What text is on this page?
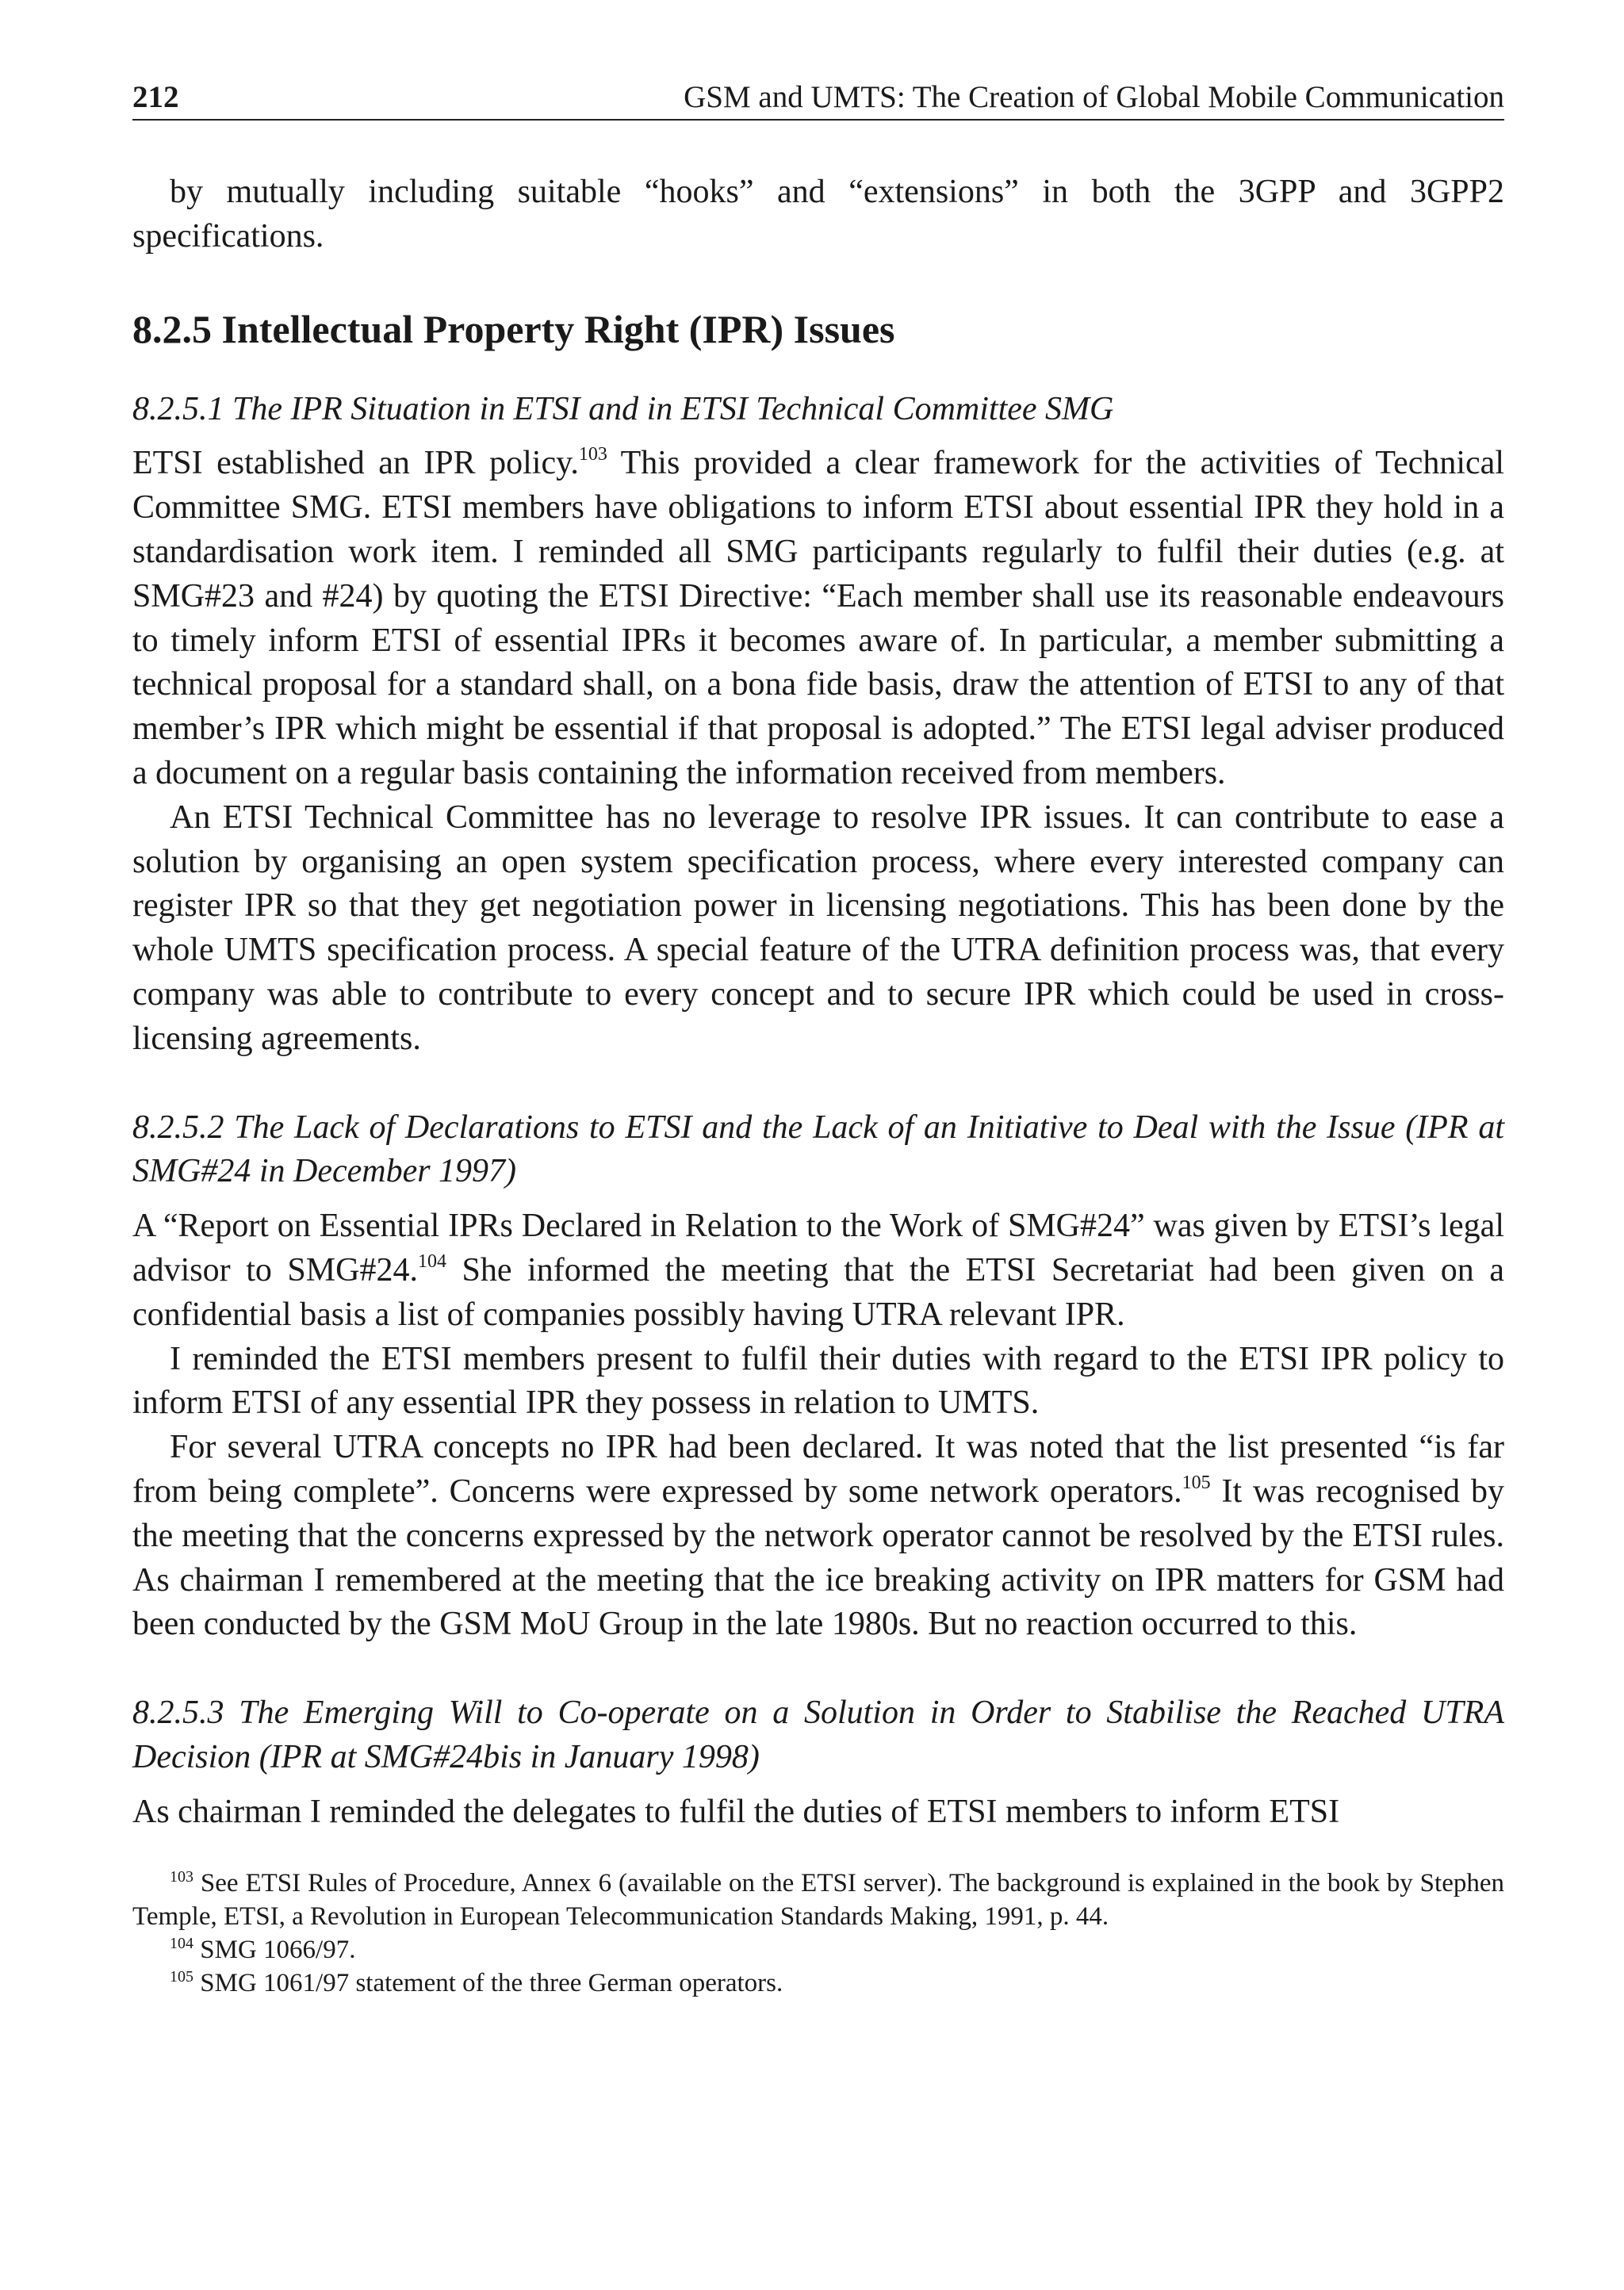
212	GSM and UMTS: The Creation of Global Mobile Communication

by mutually including suitable “hooks” and “extensions” in both the 3GPP and 3GPP2 specifications.

8.2.5 Intellectual Property Right (IPR) Issues
8.2.5.1 The IPR Situation in ETSI and in ETSI Technical Committee SMG

ETSI established an IPR policy.$^{103}$ This provided a clear framework for the activities of Technical Committee SMG. ETSI members have obligations to inform ETSI about essential IPR they hold in a standardisation work item. I reminded all SMG participants regularly to fulfil their duties (e.g. at SMG#23 and #24) by quoting the ETSI Directive: “Each member shall use its reasonable endeavours to timely inform ETSI of essential IPRs it becomes aware of. In particular, a member submitting a technical proposal for a standard shall, on a bona fide basis, draw the attention of ETSI to any of that member’s IPR which might be essential if that proposal is adopted.” The ETSI legal adviser produced a document on a regular basis containing the information received from members.

An ETSI Technical Committee has no leverage to resolve IPR issues. It can contribute to ease a solution by organising an open system specification process, where every interested company can register IPR so that they get negotiation power in licensing negotiations. This has been done by the whole UMTS specification process. A special feature of the UTRA definition process was, that every company was able to contribute to every concept and to secure IPR which could be used in cross-licensing agreements.

8.2.5.2 The Lack of Declarations to ETSI and the Lack of an Initiative to Deal with the Issue (IPR at SMG#24 in December 1997)

A “Report on Essential IPRs Declared in Relation to the Work of SMG#24” was given by ETSI’s legal advisor to SMG#24.$^{104}$ She informed the meeting that the ETSI Secretariat had been given on a confidential basis a list of companies possibly having UTRA relevant IPR.

I reminded the ETSI members present to fulfil their duties with regard to the ETSI IPR policy to inform ETSI of any essential IPR they possess in relation to UMTS.

For several UTRA concepts no IPR had been declared. It was noted that the list presented “is far from being complete”. Concerns were expressed by some network operators.$^{105}$ It was recognised by the meeting that the concerns expressed by the network operator cannot be resolved by the ETSI rules. As chairman I remembered at the meeting that the ice breaking activity on IPR matters for GSM had been conducted by the GSM MoU Group in the late 1980s. But no reaction occurred to this.

8.2.5.3 The Emerging Will to Co-operate on a Solution in Order to Stabilise the Reached UTRA Decision (IPR at SMG#24bis in January 1998)

As chairman I reminded the delegates to fulfil the duties of ETSI members to inform ETSI

$^{103}$ See ETSI Rules of Procedure, Annex 6 (available on the ETSI server). The background is explained in the book by Stephen Temple, ETSI, a Revolution in European Telecommunication Standards Making, 1991, p. 44.
$^{104}$ SMG 1066/97.
$^{105}$ SMG 1061/97 statement of the three German operators.
